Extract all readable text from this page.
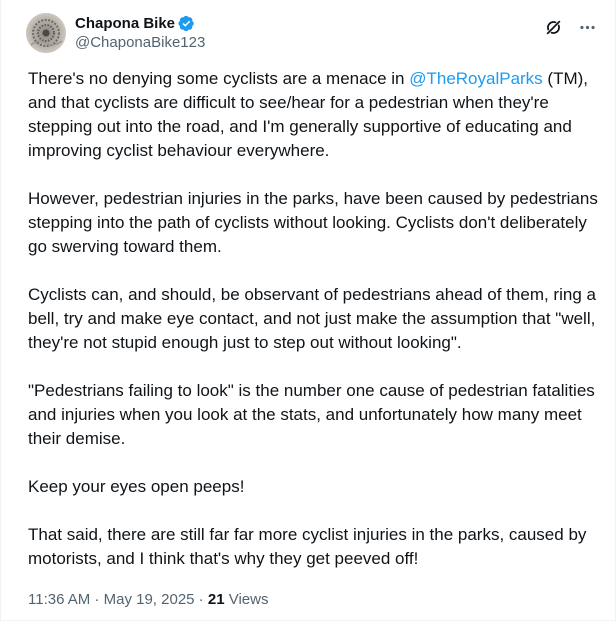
Chapona Bike
@ChaponaBike123

There's no denying some cyclists are a menace in @TheRoyalParks (TM), and that cyclists are difficult to see/hear for a pedestrian when they're stepping out into the road, and I'm generally supportive of educating and improving cyclist behaviour everywhere.

However, pedestrian injuries in the parks, have been caused by pedestrians stepping into the path of cyclists without looking. Cyclists don't deliberately go swerving toward them.

Cyclists can, and should, be observant of pedestrians ahead of them, ring a bell, try and make eye contact, and not just make the assumption that "well, they're not stupid enough just to step out without looking".

"Pedestrians failing to look" is the number one cause of pedestrian fatalities and injuries when you look at the stats, and unfortunately how many meet their demise.

Keep your eyes open peeps!

That said, there are still far far more cyclist injuries in the parks, caused by motorists, and I think that's why they get peeved off!

11:36 AM · May 19, 2025 · 21 Views
